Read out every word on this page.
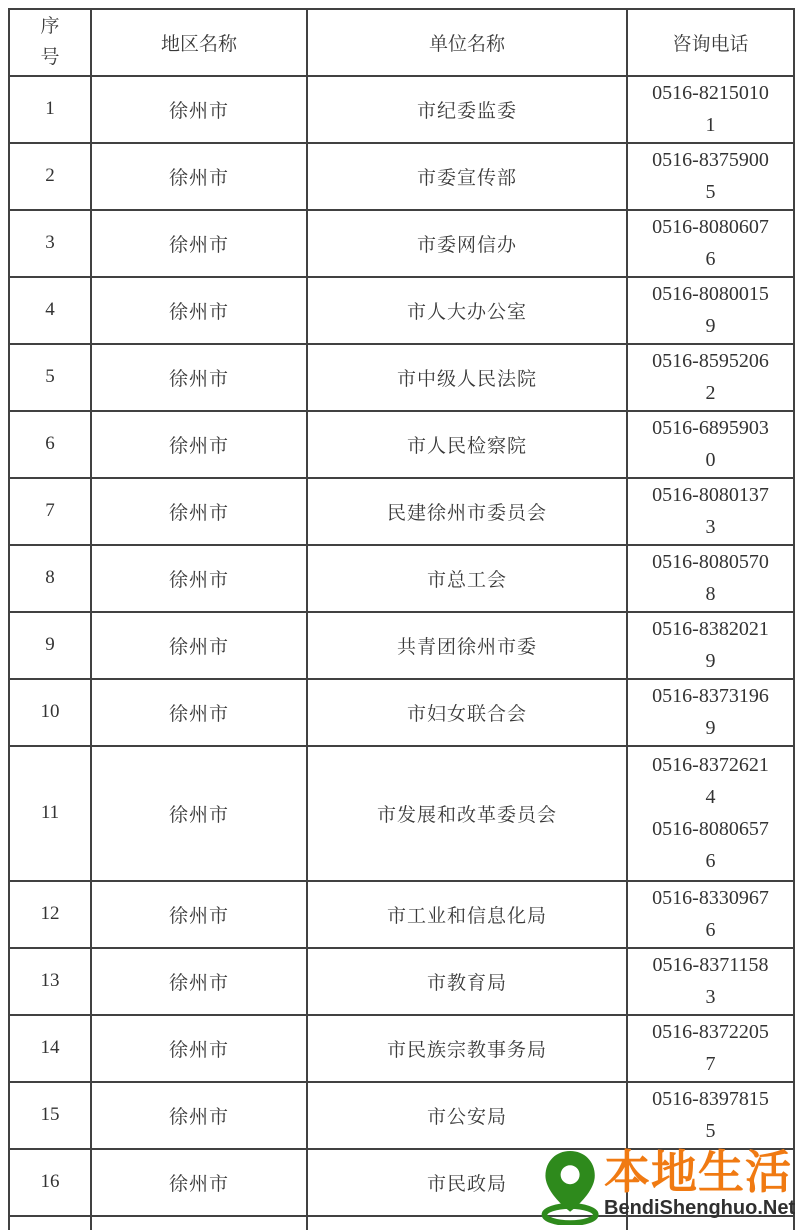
序号	地区名称	单位名称	咨询电话
1	徐州市	市纪委监委	0516-82150101

2	徐州市	市委宣传部	0516-83759005

3	徐州市	市委网信办	0516-80806076

4	徐州市	市人大办公室	0516-80800159

5	徐州市	市中级人民法院	0516-85952062

6	徐州市	市人民检察院	0516-68959030

7	徐州市	民建徐州市委员会	0516-80801373

8	徐州市	市总工会	0516-80805708

9	徐州市	共青团徐州市委	0516-83820219

10	徐州市	市妇女联合会	0516-83731969

11	徐州市	市发展和改革委员会	0516-83726214
0516-80806576

12	徐州市	市工业和信息化局	0516-83309676

13	徐州市	市教育局	0516-83711583

14	徐州市	市民族宗教事务局	0516-83722057

15	徐州市	市公安局	0516-83978155

16	徐州市	市民政局	
			本地生活
BendiShenghuo.Net
